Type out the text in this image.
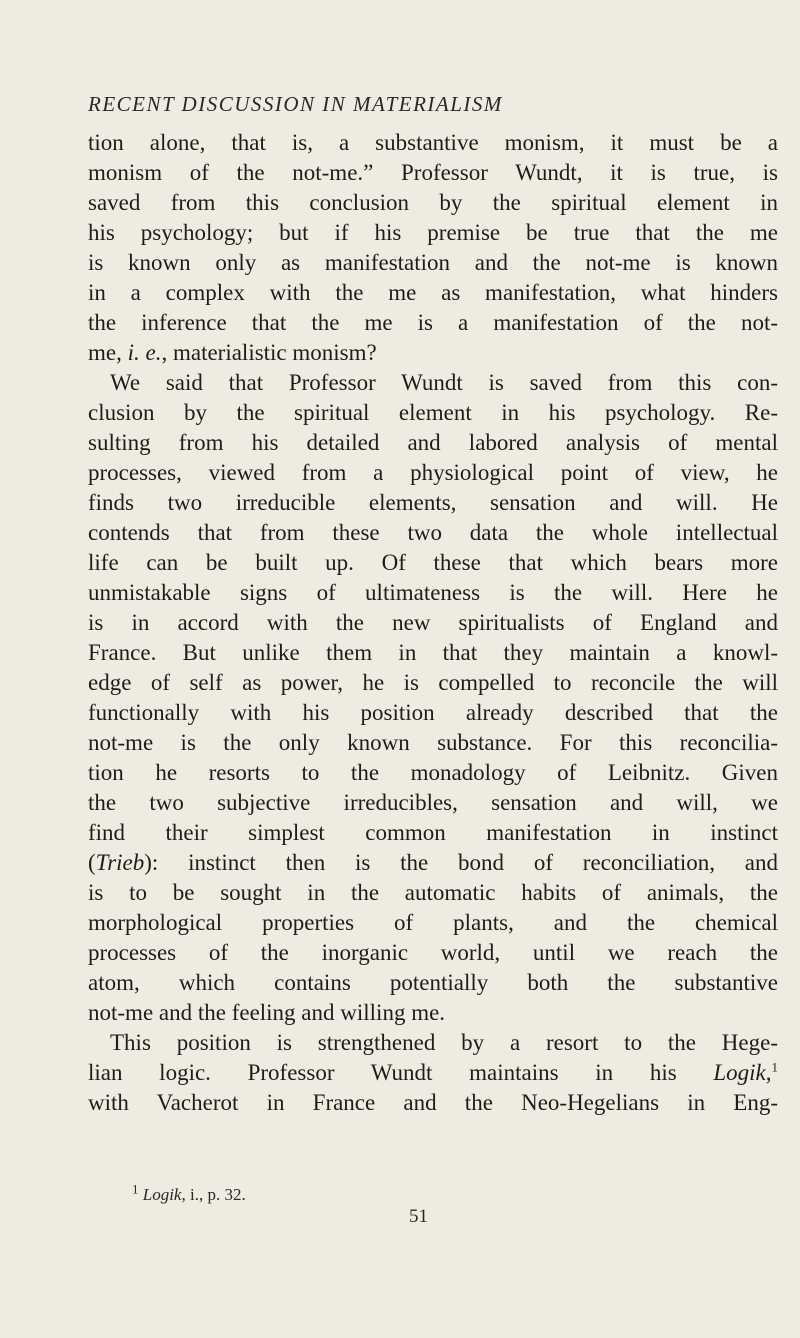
RECENT DISCUSSION IN MATERIALISM
tion alone, that is, a substantive monism, it must be a
monism of the not-me.” Professor Wundt, it is true, is
saved from this conclusion by the spiritual element in
his psychology; but if his premise be true that the me
is known only as manifestation and the not-me is known
in a complex with the me as manifestation, what hinders
the inference that the me is a manifestation of the not-
me, i. e., materialistic monism?
We said that Professor Wundt is saved from this con-
clusion by the spiritual element in his psychology. Re-
sulting from his detailed and labored analysis of mental
processes, viewed from a physiological point of view, he
finds two irreducible elements, sensation and will. He
contends that from these two data the whole intellectual
life can be built up. Of these that which bears more
unmistakable signs of ultimateness is the will. Here he
is in accord with the new spiritualists of England and
France. But unlike them in that they maintain a knowl-
edge of self as power, he is compelled to reconcile the will
functionally with his position already described that the
not-me is the only known substance. For this reconcilia-
tion he resorts to the monadology of Leibnitz. Given
the two subjective irreducibles, sensation and will, we
find their simplest common manifestation in instinct
(Trieb): instinct then is the bond of reconciliation, and
is to be sought in the automatic habits of animals, the
morphological properties of plants, and the chemical
processes of the inorganic world, until we reach the
atom, which contains potentially both the substantive
not-me and the feeling and willing me.
This position is strengthened by a resort to the Hege-
lian logic. Professor Wundt maintains in his Logik,$^1$
with Vacherot in France and the Neo-Hegelians in Eng-
$^1$ Logik, i., p. 32.
51
